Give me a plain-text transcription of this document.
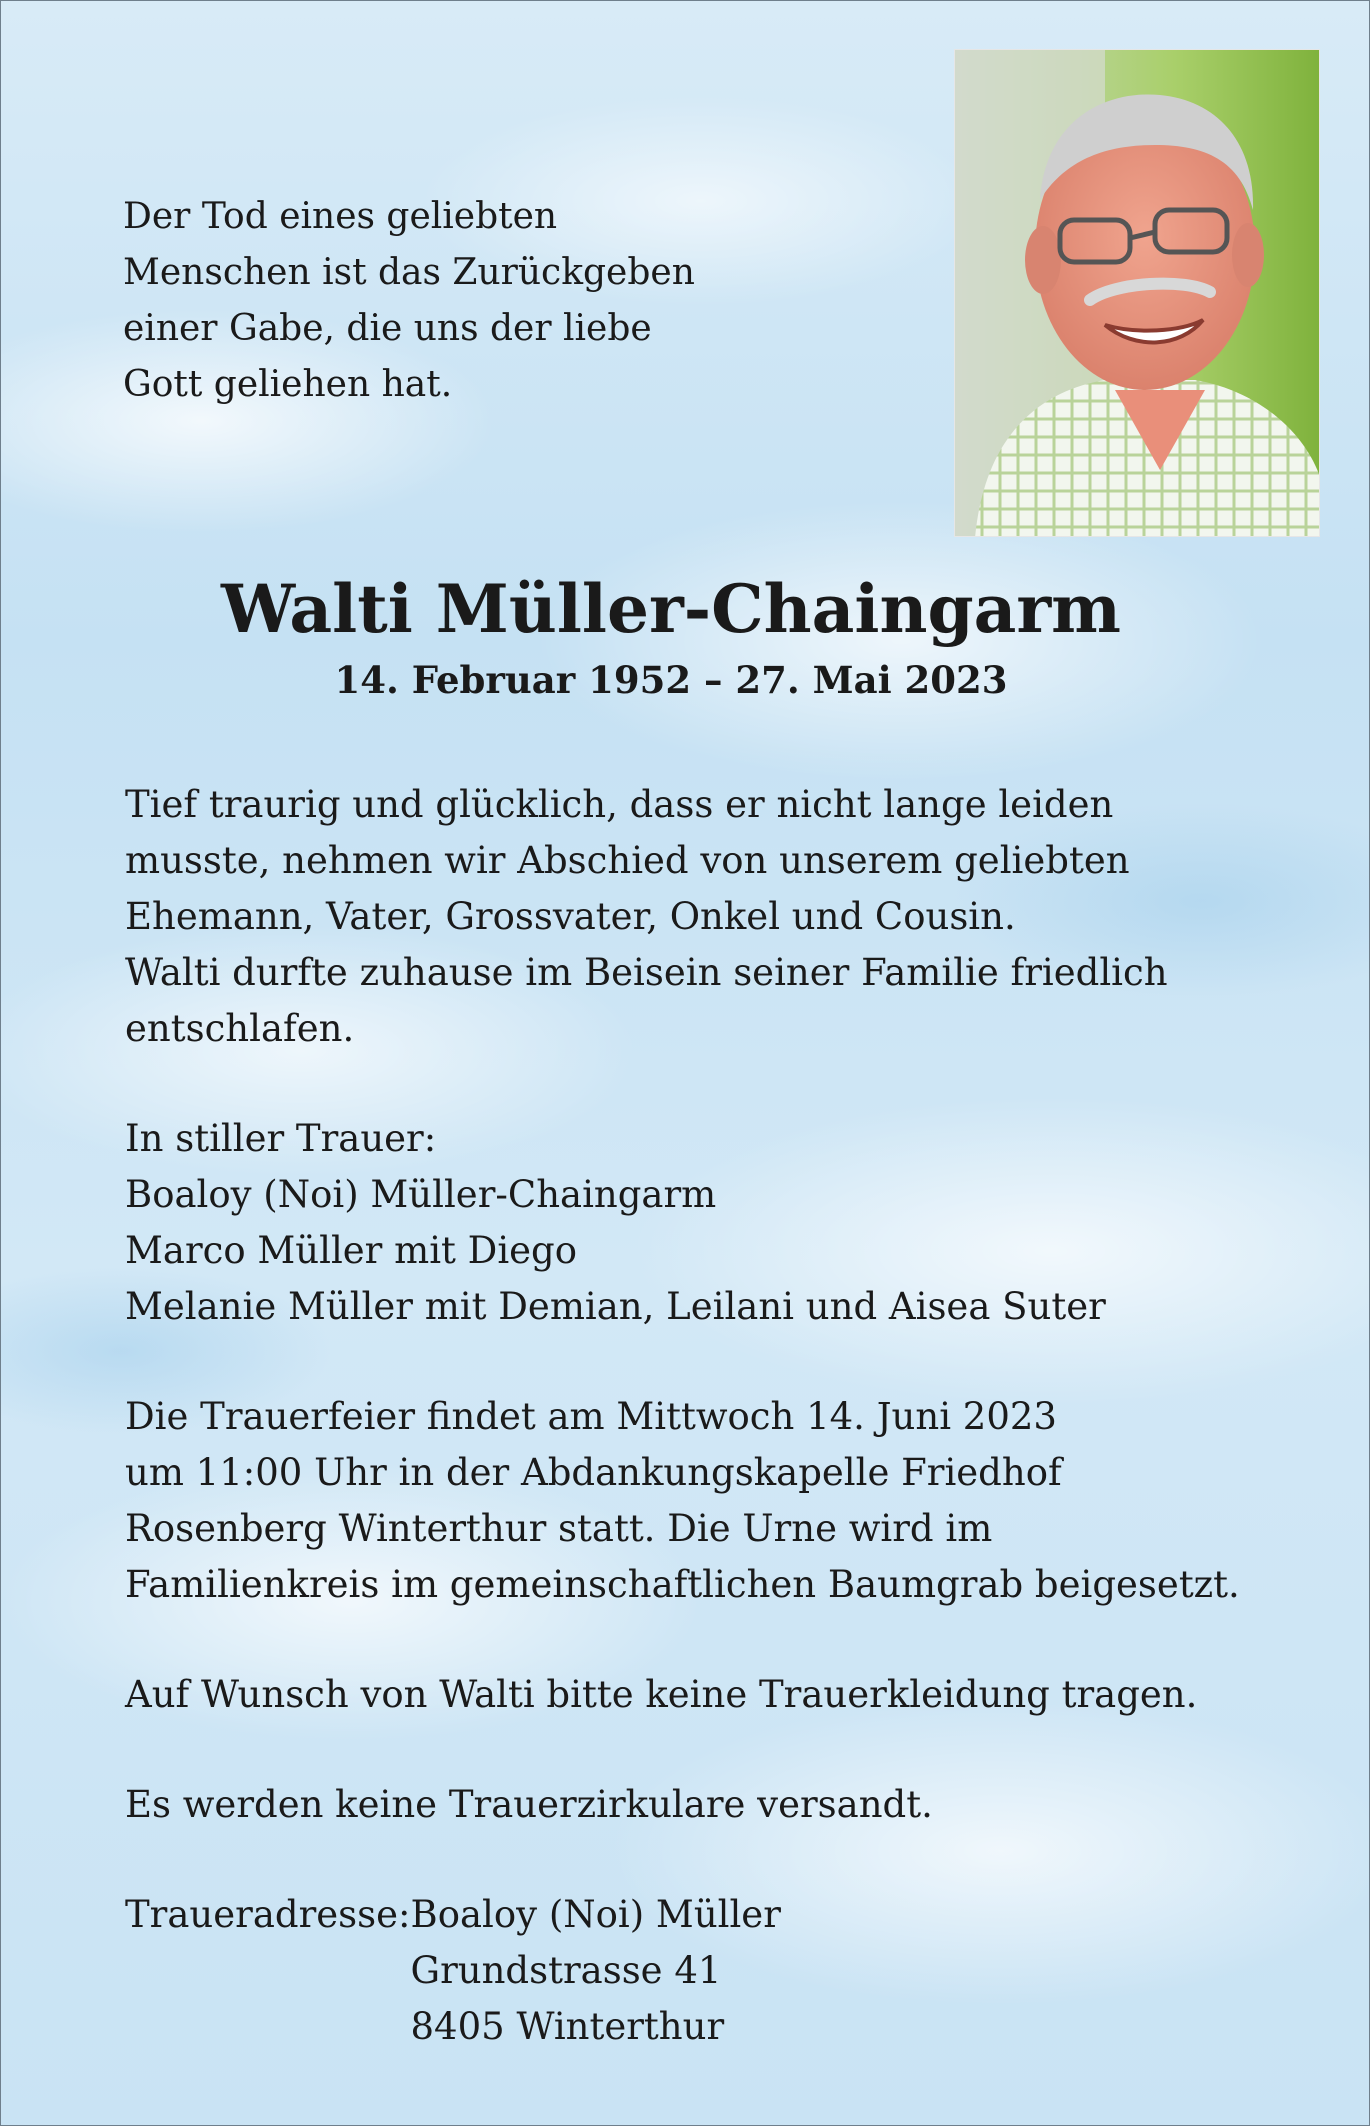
Der Tod eines geliebten
Menschen ist das Zurückgeben
einer Gabe, die uns der liebe
Gott geliehen hat.

Walti Müller-Chaingarm
14. Februar 1952 – 27. Mai 2023

Tief traurig und glücklich, dass er nicht lange leiden
musste, nehmen wir Abschied von unserem geliebten
Ehemann, Vater, Grossvater, Onkel und Cousin.
Walti durfte zuhause im Beisein seiner Familie friedlich
entschlafen.

In stiller Trauer:
Boaloy (Noi) Müller-Chaingarm
Marco Müller mit Diego
Melanie Müller mit Demian, Leilani und Aisea Suter

Die Trauerfeier findet am Mittwoch 14. Juni 2023
um 11:00 Uhr in der Abdankungskapelle Friedhof
Rosenberg Winterthur statt. Die Urne wird im
Familienkreis im gemeinschaftlichen Baumgrab beigesetzt.

Auf Wunsch von Walti bitte keine Trauerkleidung tragen.

Es werden keine Trauerzirkulare versandt.

Traueradresse: Boaloy (Noi) Müller
Grundstrasse 41
8405 Winterthur
